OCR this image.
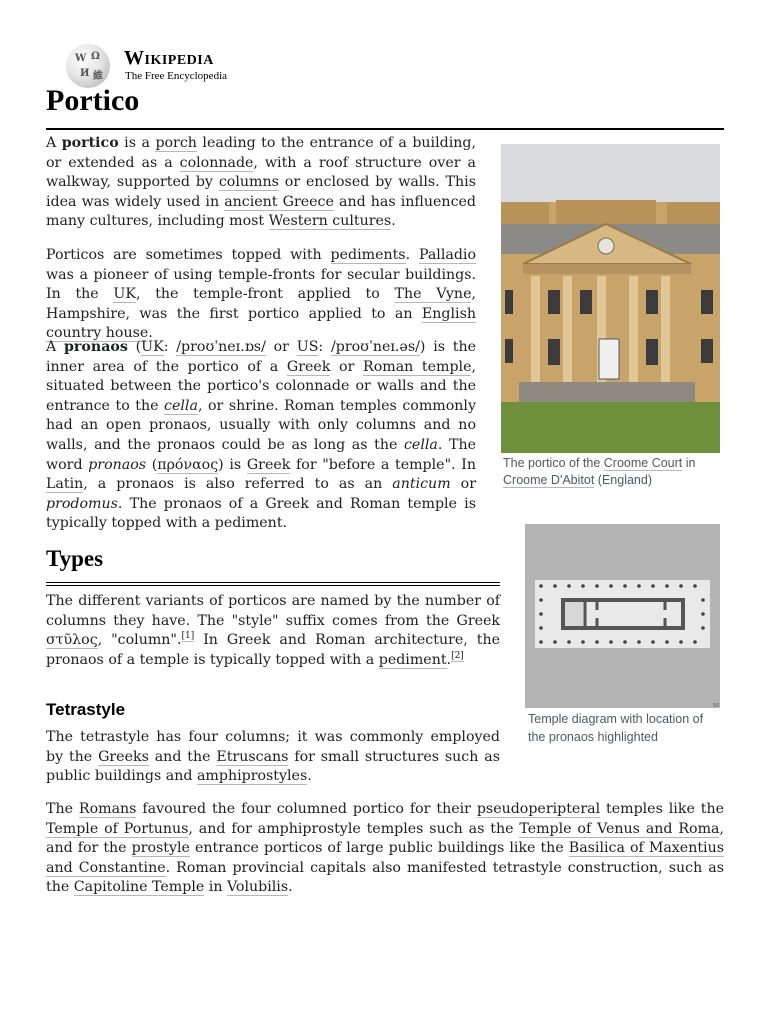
W Ω
И 維
Wikipedia
The Free Encyclopedia
Portico

A portico is a porch leading to the entrance of a building, or extended as a colonnade, with a roof structure over a walkway, supported by columns or enclosed by walls. This idea was widely used in ancient Greece and has influenced many cultures, including most Western cultures.

Porticos are sometimes topped with pediments. Palladio was a pioneer of using temple-fronts for secular buildings. In the UK, the temple-front applied to The Vyne, Hampshire, was the first portico applied to an English country house.

A pronaos (UK: /proʊˈneɪ.ɒs/ or US: /proʊˈneɪ.əs/) is the inner area of the portico of a Greek or Roman temple, situated between the portico's colonnade or walls and the entrance to the cella, or shrine. Roman temples commonly had an open pronaos, usually with only columns and no walls, and the pronaos could be as long as the cella. The word pronaos (πρόναος) is Greek for "before a temple". In Latin, a pronaos is also referred to as an anticum or prodomus. The pronaos of a Greek and Roman temple is typically topped with a pediment.

The portico of the Croome Court in Croome D'Abitot (England)
Types

The different variants of porticos are named by the number of columns they have. The "style" suffix comes from the Greek στῦλος, "column".[1] In Greek and Roman architecture, the pronaos of a temple is typically topped with a pediment.[2]

50
Temple diagram with location of the pronaos highlighted
Tetrastyle

The tetrastyle has four columns; it was commonly employed by the Greeks and the Etruscans for small structures such as public buildings and amphiprostyles.

The Romans favoured the four columned portico for their pseudoperipteral temples like the Temple of Portunus, and for amphiprostyle temples such as the Temple of Venus and Roma, and for the prostyle entrance porticos of large public buildings like the Basilica of Maxentius and Constantine. Roman provincial capitals also manifested tetrastyle construction, such as the Capitoline Temple in Volubilis.
